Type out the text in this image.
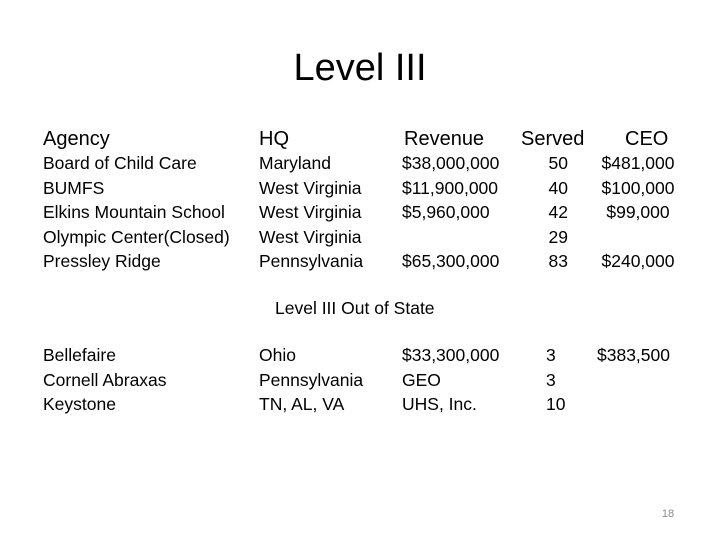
Level III
Agency	HQ	Revenue Served CEO
Board of Child Care
BUMFS
Elkins Mountain School
Olympic Center(Closed)
Pressley Ridge
Maryland
West Virginia
West Virginia
West Virginia
Pennsylvania
$38,000,000
$11,900,000
$5,960,000
$65,300,000
50
40
42
29
83
$481,000
$100,000
$99,000
$240,000
Level III Out of State
Bellefaire
Cornell Abraxas
Keystone
Ohio
Pennsylvania
TN, AL, VA
$33,300,000
GEO
UHS, Inc.
3
3
10
$383,500
18
